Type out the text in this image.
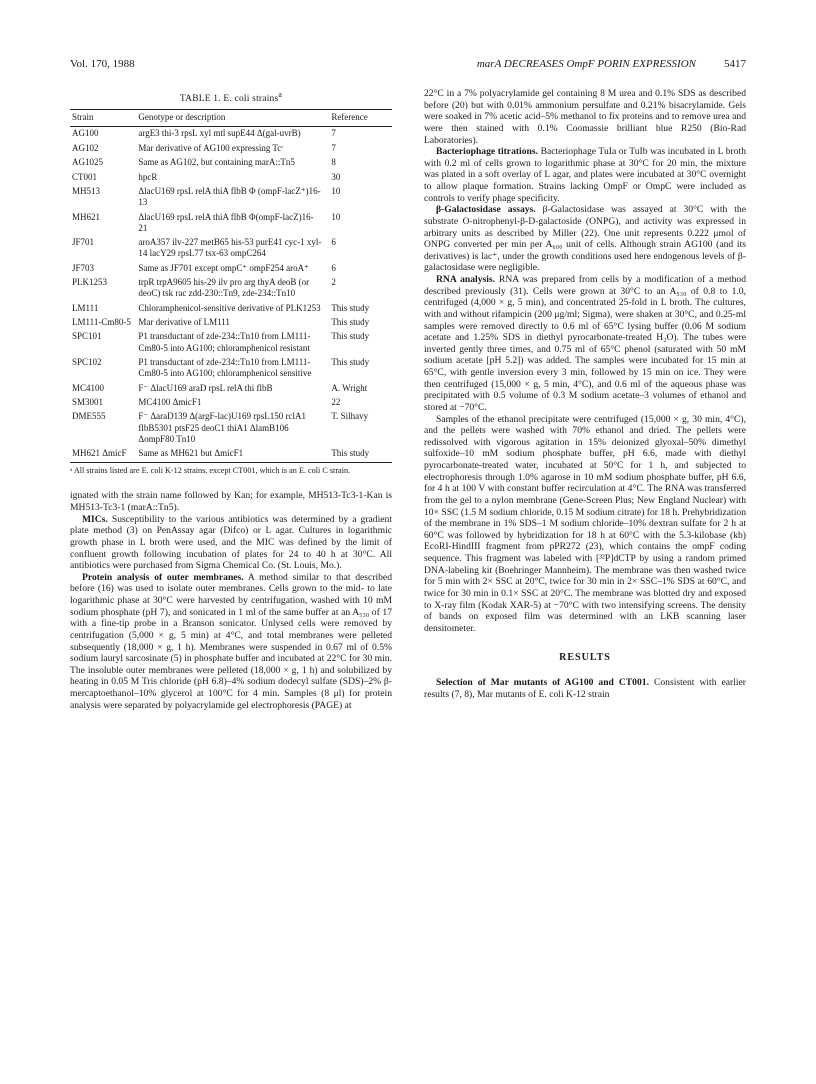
Vol. 170, 1988	marA DECREASES OmpF PORIN EXPRESSION	5417
TABLE 1. E. coli strains$^a$
Strain	Genotype or description	Reference
AG100	argE3 thi-3 rpsL xyl mtl supE44 Δ(gal-uvrB)	7
AG102	Mar derivative of AG100 expressing Tcʳ	7
AG1025	Same as AG102, but containing marA::Tn5	8
CT001	hpcR	30
MH513	ΔlacU169 rpsL relA thiA flbB Φ (ompF-lacZ⁺)16-13	10
MH621	ΔlacU169 rpsL relA thiA flbB Φ(ompF-lacZ)16-21	10
JF701	aroA357 ilv-227 metB65 his-53 purE41 cyc-1 xyl-14 lacY29 rpsL77 tsx-63 ompC264	6
JF703	Same as JF701 except ompC⁺ ompF254 aroA⁺	6
PLK1253	trpR trpA9605 his-29 ilv pro arg thyA deoB (or deoC) tsk rac zdd-230::Tn9, zde-234::Tn10	2
LM111	Chloramphenicol-sensitive derivative of PLK1253	This study
LM111-Cm80-5	Mar derivative of LM111	This study
SPC101	P1 transductant of zde-234::Tn10 from LM111-Cm80-5 into AG100; chloramphenicol resistant	This study
SPC102	P1 transductant of zde-234::Tn10 from LM111-Cm80-5 into AG100; chloramphenicol sensitive	This study
MC4100	F⁻ ΔlacU169 araD rpsL relA thi flbB	A. Wright
SM3001	MC4100 ΔmicF1	22
DME555	F⁻ ΔaraD139 Δ(argF-lac)U169 rpsL150 rclA1 flbB5301 ptsF25 deoC1 thiA1 ΔlamB106 ΔompF80 Tn10	T. Silhavy
MH621 ΔmicF	Same as MH621 but ΔmicF1	This study
ᵃ All strains listed are E. coli K-12 strains, except CT001, which is an E. coli C strain.

ignated with the strain name followed by Kan; for example, MH513-Tc3-1-Kan is MH513-Tc3-1 (marA::Tn5).

MICs. Susceptibility to the various antibiotics was determined by a gradient plate method (3) on PenAssay agar (Difco) or L agar. Cultures in logarithmic growth phase in L broth were used, and the MIC was defined by the limit of confluent growth following incubation of plates for 24 to 40 h at 30°C. All antibiotics were purchased from Sigma Chemical Co. (St. Louis, Mo.).

Protein analysis of outer membranes. A method similar to that described before (16) was used to isolate outer membranes. Cells grown to the mid- to late logarithmic phase at 30°C were harvested by centrifugation, washed with 10 mM sodium phosphate (pH 7), and sonicated in 1 ml of the same buffer at an A₅₃₀ of 17 with a fine-tip probe in a Branson sonicator. Unlysed cells were removed by centrifugation (5,000 × g, 5 min) at 4°C, and total membranes were pelleted subsequently (18,000 × g, 1 h). Membranes were suspended in 0.67 ml of 0.5% sodium lauryl sarcosinate (5) in phosphate buffer and incubated at 22°C for 30 min. The insoluble outer membranes were pelleted (18,000 × g, 1 h) and solubilized by heating in 0.05 M Tris chloride (pH 6.8)–4% sodium dodecyl sulfate (SDS)–2% β-mercaptoethanol–10% glycerol at 100°C for 4 min. Samples (8 μl) for protein analysis were separated by polyacrylamide gel electrophoresis (PAGE) at

22°C in a 7% polyacrylamide gel containing 8 M urea and 0.1% SDS as described before (20) but with 0.01% ammonium persulfate and 0.21% bisacrylamide. Gels were soaked in 7% acetic acid–5% methanol to fix proteins and to remove urea and were then stained with 0.1% Coomassie brilliant blue R250 (Bio-Rad Laboratories).

Bacteriophage titrations. Bacteriophage TuIa or TuIb was incubated in L broth with 0.2 ml of cells grown to logarithmic phase at 30°C for 20 min, the mixture was plated in a soft overlay of L agar, and plates were incubated at 30°C overnight to allow plaque formation. Strains lacking OmpF or OmpC were included as controls to verify phage specificity.

β-Galactosidase assays. β-Galactosidase was assayed at 30°C with the substrate O-nitrophenyl-β-D-galactoside (ONPG), and activity was expressed in arbitrary units as described by Miller (22). One unit represents 0.222 μmol of ONPG converted per min per A₆₀₀ unit of cells. Although strain AG100 (and its derivatives) is lac⁺, under the growth conditions used here endogenous levels of β-galactosidase were negligible.

RNA analysis. RNA was prepared from cells by a modification of a method described previously (31). Cells were grown at 30°C to an A₅₃₀ of 0.8 to 1.0, centrifuged (4,000 × g, 5 min), and concentrated 25-fold in L broth. The cultures, with and without rifampicin (200 μg/ml; Sigma), were shaken at 30°C, and 0.25-ml samples were removed directly to 0.6 ml of 65°C lysing buffer (0.06 M sodium acetate and 1.25% SDS in diethyl pyrocarbonate-treated H₂O). The tubes were inverted gently three times, and 0.75 ml of 65°C phenol (saturated with 50 mM sodium acetate [pH 5.2]) was added. The samples were incubated for 15 min at 65°C, with gentle inversion every 3 min, followed by 15 min on ice. They were then centrifuged (15,000 × g, 5 min, 4°C), and 0.6 ml of the aqueous phase was precipitated with 0.5 volume of 0.3 M sodium acetate–3 volumes of ethanol and stored at −70°C.

Samples of the ethanol precipitate were centrifuged (15,000 × g, 30 min, 4°C), and the pellets were washed with 70% ethanol and dried. The pellets were redissolved with vigorous agitation in 15% deionized glyoxal–50% dimethyl sulfoxide–10 mM sodium phosphate buffer, pH 6.6, made with diethyl pyrocarbonate-treated water, incubated at 50°C for 1 h, and subjected to electrophoresis through 1.0% agarose in 10 mM sodium phosphate buffer, pH 6.6, for 4 h at 100 V with constant buffer recirculation at 4°C. The RNA was transferred from the gel to a nylon membrane (Gene-Screen Plus; New England Nuclear) with 10× SSC (1.5 M sodium chloride, 0.15 M sodium citrate) for 18 h. Prehybridization of the membrane in 1% SDS–1 M sodium chloride–10% dextran sulfate for 2 h at 60°C was followed by hybridization for 18 h at 60°C with the 5.3-kilobase (kb) EcoRI-HindIII fragment from pPR272 (23), which contains the ompF coding sequence. This fragment was labeled with [³²P]dCTP by using a random primed DNA-labeling kit (Boehringer Mannheim). The membrane was then washed twice for 5 min with 2× SSC at 20°C, twice for 30 min in 2× SSC–1% SDS at 60°C, and twice for 30 min in 0.1× SSC at 20°C. The membrane was blotted dry and exposed to X-ray film (Kodak XAR-5) at −70°C with two intensifying screens. The density of bands on exposed film was determined with an LKB scanning laser densitometer.

RESULTS

Selection of Mar mutants of AG100 and CT001. Consistent with earlier results (7, 8), Mar mutants of E. coli K-12 strain
